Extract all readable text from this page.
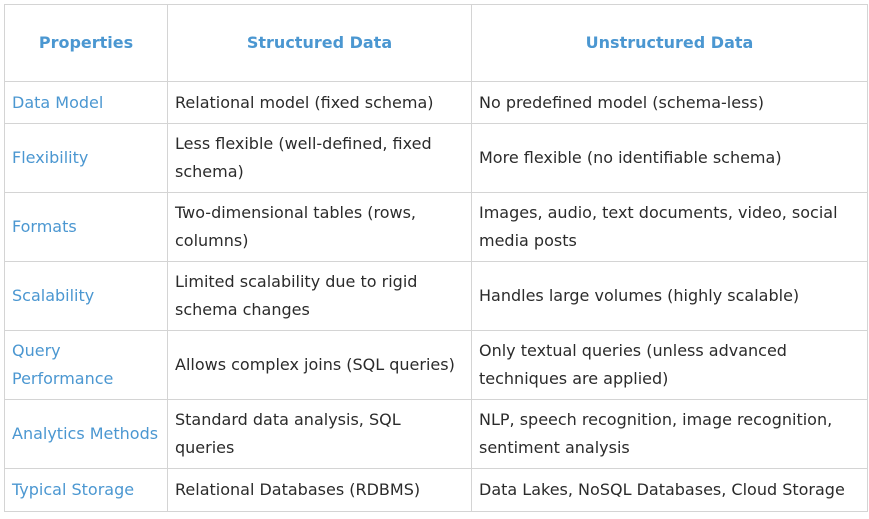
Properties	Structured Data	Unstructured Data
Data Model	Relational model (fixed schema)	No predefined model (schema-less)
Flexibility	Less flexible (well-defined, fixed schema)	More flexible (no identifiable schema)
Formats	Two-dimensional tables (rows, columns)	Images, audio, text documents, video, social media posts
Scalability	Limited scalability due to rigid schema changes	Handles large volumes (highly scalable)
Query Performance	Allows complex joins (SQL queries)	Only textual queries (unless advanced techniques are applied)
Analytics Methods	Standard data analysis, SQL queries	NLP, speech recognition, image recognition, sentiment analysis
Typical Storage	Relational Databases (RDBMS)	Data Lakes, NoSQL Databases, Cloud Storage
